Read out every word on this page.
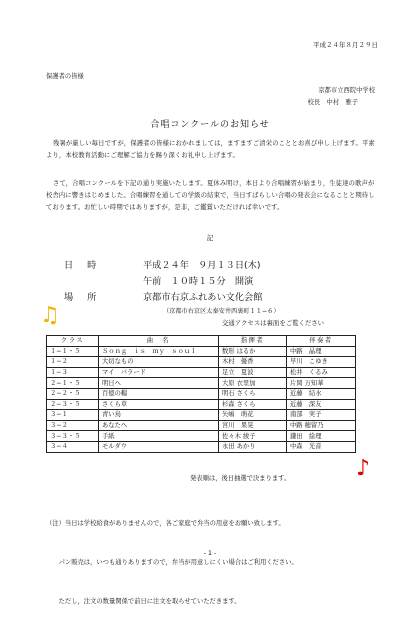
平成２４年８月２９日
保護者の皆様
京都市立西院中学校
校長　中村　雅子
合唱コンクールのお知らせ
残暑が厳しい毎日ですが，保護者の皆様におかれましては，ますますご清栄のこととお喜び申し上げます。平素より，本校教育活動にご理解ご協力を賜り深くお礼申し上げます。
さて，合唱コンクールを下記の通り実施いたします。夏休み明け，本日より合唱練習が始まり，生徒達の歌声が校舎内に響きはじめました。合唱練習を通しての学級の結束で，当日すばらしい合唱の発表会になることと期待しております。お忙しい時期ではありますが，是非，ご鑑賞いただければ幸いです。
記
日時	平成２４年　９月１３日(木)
午前　１０時１５分　開演
場所	京都市右京ふれあい文化会館
（京都市右京区太秦安井西裏町１１−６）
交通アクセスは裏面をご覧ください
♫
クラス	曲　名	指揮者	伴奏者
１−１・５	Ｓｏｎｇ　ｉｓ　ｍｙ　ｓｏｕｌ	数形 はるか	中路　晶理
１−２	大切なもの	木村　優香	早川　こゆき
１−３	マイ　バラード	足立　夏波	松井　くるみ
２−１・５	明日へ	大原 衣里加	片岡 万知華
２−２・５	百億の糧	明石 さくら	近藤　結水
２−３・５	さくら草	杉森 さくら	近藤　深友
３−１	青い鳥	矢嶋　萌花	南部　実子
３−２	あなたへ	宮川　果晃	中路 穂留乃
３−３・５	手紙	佐々木 綾子	鎌田　絵理
３−４	モルダウ	永田 あかり	中森　光音
♪
発表順は，後日抽選で決まります。

（注）当日は学校給食がありませんので，各ご家庭で弁当の用意をお願い致します。

　　パン販売は，いつも通りありますので，弁当が用意しにくい場合はご利用ください。

　　ただし，注文の数量関係で前日に注文を取らせていただきます。

- 1 -
